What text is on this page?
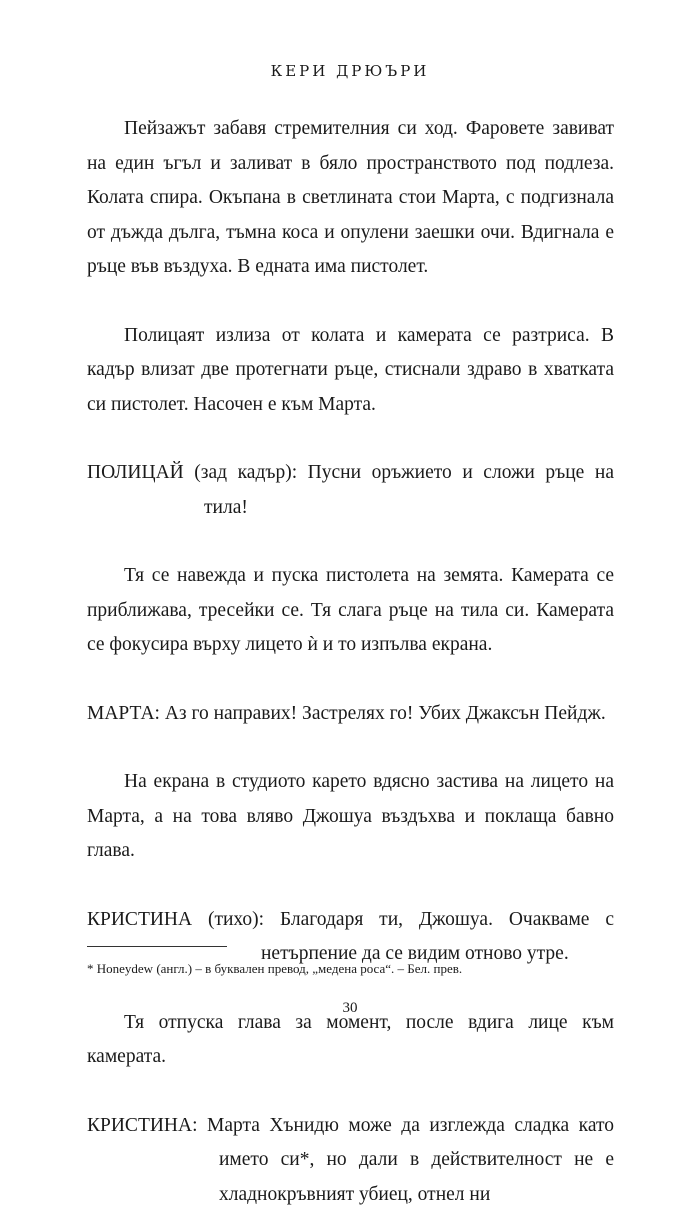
КЕРИ ДРЮЪРИ

Пейзажът забавя стремителния си ход. Фаровете завиват на един ъгъл и заливат в бяло пространството под подлеза. Колата спира. Окъпана в светлината стои Марта, с подгизнала от дъжда дълга, тъмна коса и опулени заешки очи. Вдигнала е ръце във въздуха. В едната има пистолет.

Полицаят излиза от колата и камерата се разтриса. В кадър влизат две протегнати ръце, стиснали здраво в хватката си пистолет. Насочен е към Марта.

ПОЛИЦАЙ (зад кадър): Пусни оръжието и сложи ръце на тила!

Тя се навежда и пуска пистолета на земята. Камерата се приближава, тресейки се. Тя слага ръце на тила си. Камерата се фокусира върху лицето ѝ и то изпълва екрана.

МАРТА: Аз го направих! Застрелях го! Убих Джаксън Пейдж.

На екрана в студиото карето вдясно застива на лицето на Марта, а на това вляво Джошуа въздъхва и поклаща бавно глава.

КРИСТИНА (тихо): Благодаря ти, Джошуа. Очакваме с нетърпение да се видим отново утре.

Тя отпуска глава за момент, после вдига лице към камерата.

КРИСТИНА: Марта Хънидю може да изглежда сладка като името си*, но дали в действителност не е хладнокръвният убиец, отнел ни

* Honeydew (англ.) – в буквален превод, „медена роса“. – Бел. прев.
30
